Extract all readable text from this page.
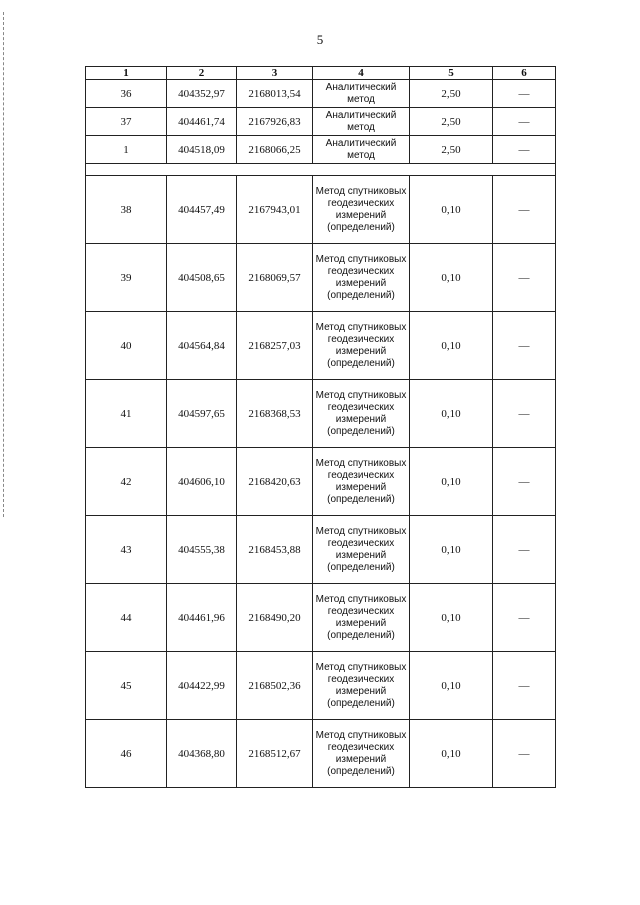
5
1	2	3	4	5	6
36	404352,97	2168013,54	Аналитический метод	2,50	—
37	404461,74	2167926,83	Аналитический метод	2,50	—
1	404518,09	2168066,25	Аналитический метод	2,50	—

38	404457,49	2167943,01	Метод спутниковых геодезических измерений (определений)	0,10	—
39	404508,65	2168069,57	Метод спутниковых геодезических измерений (определений)	0,10	—
40	404564,84	2168257,03	Метод спутниковых геодезических измерений (определений)	0,10	—
41	404597,65	2168368,53	Метод спутниковых геодезических измерений (определений)	0,10	—
42	404606,10	2168420,63	Метод спутниковых геодезических измерений (определений)	0,10	—
43	404555,38	2168453,88	Метод спутниковых геодезических измерений (определений)	0,10	—
44	404461,96	2168490,20	Метод спутниковых геодезических измерений (определений)	0,10	—
45	404422,99	2168502,36	Метод спутниковых геодезических измерений (определений)	0,10	—
46	404368,80	2168512,67	Метод спутниковых геодезических измерений (определений)	0,10	—
